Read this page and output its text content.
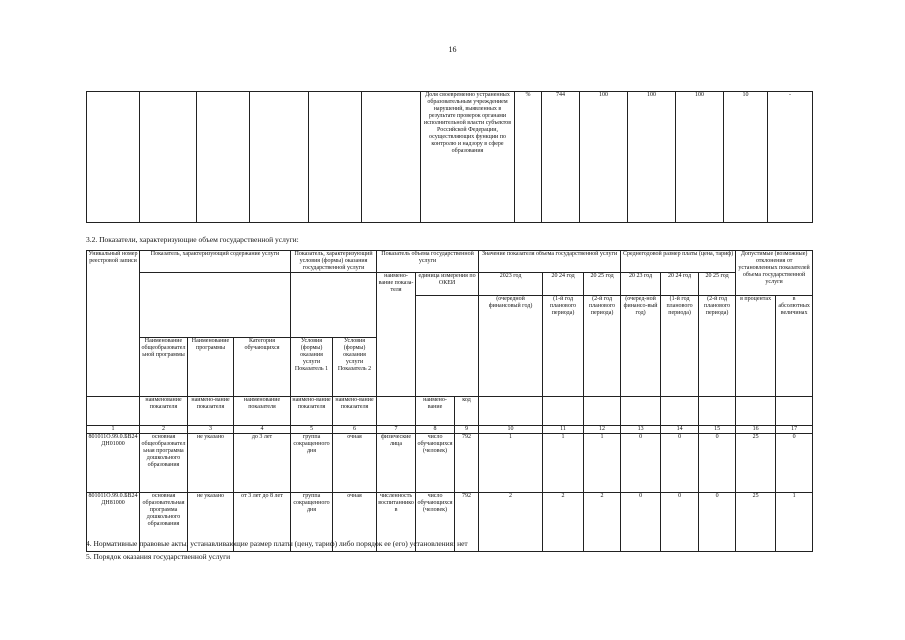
16
						Доля своевременно устраненных образовательным учреждением нарушений, выявленных в результате проверок органами исполнительной власти субъектов Российской Федерации, осуществляющих функции по контролю и надзору в сфере образования	%	744	100	100	100	10	-
3.2. Показатели, характеризующие объем государственной услуги:
Уникальный номер реестровой записи	Показатель, характеризующий содержание услуги			Показатель, характеризующий условия (формы) оказания государственной услуги		Показатель объема государственной услуги			Значение показателя объема государственной услуги			Среднегодовой размер платы (цена, тариф)			Допустимые (возможные) отклонения от установленных показателей объема государственной услуги	
						наимено-вание показа-теля	единица измерения по ОКЕИ		2023 год	20 24 год	20 25 год	20 23 год	20 24 год	20 25 год		
									(очередной финансовый год)	(1-й год планового периода)	(2-й год планового периода)	(очеред-ной финансо-вый год)	(1-й год планового периода)	(2-й год планового периода)	в процентах	в абсолютных величинах
	Наименование общеобразовательной программы	Наименование программы	Категория обучающихся	Условия (формы) оказания услуги Показатель 1	Условия (формы) оказания услуги Показатель 2											
	наименование показателя	наимено-вание показателя	наименование показателя	наимено-вание показателя	наимено-вание показателя		наимено-вание	код								
1	2	3	4	5	6	7	8	9	10	11	12	13	14	15	16	17
801011О.99.0.БВ24ДН01000	основная общеобразовательная программа дошкольного образования	не указано	до 3 лет	группа сокращенного дня	очная	физические лица	число обучающихся (человек)	792	1	1	1	0	0	0	25	0
801011О.99.0.БВ24ДН81000	основная образовательная программа дошкольного образования	не указано	от 3 лет до 8 лет	группа сокращенного дня	очная	численность воспитанников	число обучающихся (человек)	792	2	2	2	0	0	0	25	1
4. Нормативные правовые акты, устанавливающие размер платы (цену, тариф) либо порядок ее (его) установления: нет
5. Порядок оказания государственной услуги
